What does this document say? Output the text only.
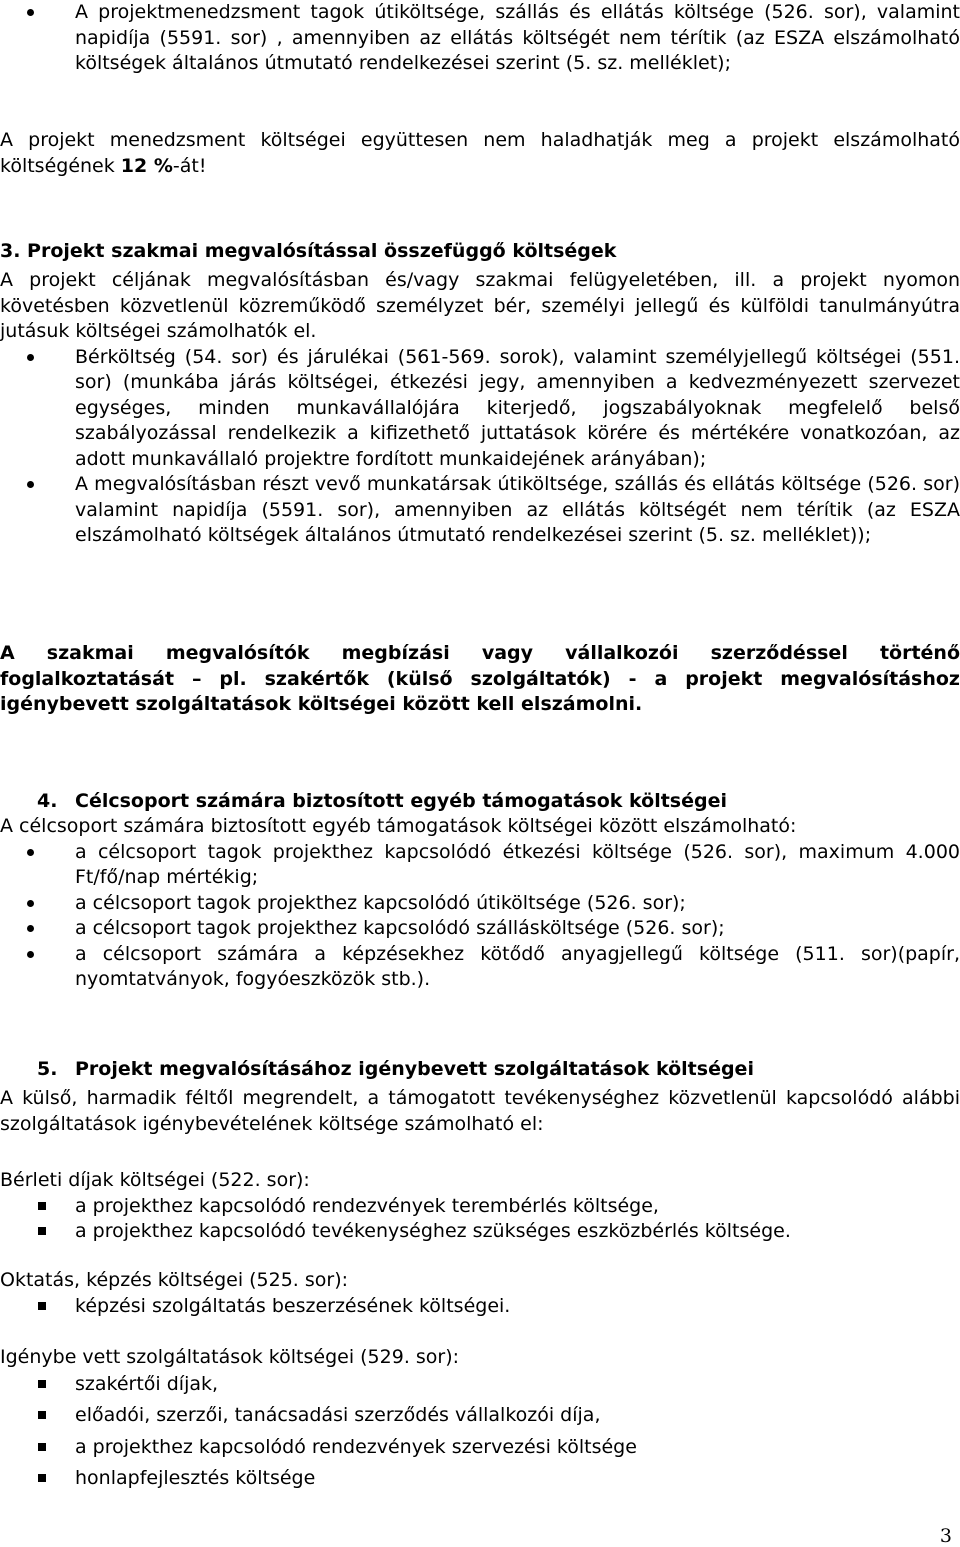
A projektmenedzsment tagok útiköltsége, szállás és ellátás költsége (526. sor), valamint napidíja (5591. sor) , amennyiben az ellátás költségét nem térítik (az ESZA elszámolható költségek általános útmutató rendelkezései szerint (5. sz. melléklet);

A projekt menedzsment költségei együttesen nem haladhatják meg a projekt elszámolható költségének 12 %-át!

3. Projekt szakmai megvalósítással összefüggő költségek

A projekt céljának megvalósításban és/vagy szakmai felügyeletében, ill. a projekt nyomon követésben közvetlenül közreműködő személyzet bér, személyi jellegű és külföldi tanulmányútra jutásuk költségei számolhatók el.

Bérköltség (54. sor) és járulékai (561-569. sorok), valamint személyjellegű költségei (551. sor) (munkába járás költségei, étkezési jegy, amennyiben a kedvezményezett szervezet egységes, minden munkavállalójára kiterjedő, jogszabályoknak megfelelő belső szabályozással rendelkezik a kifizethető juttatások körére és mértékére vonatkozóan, az adott munkavállaló projektre fordított munkaidejének arányában);

A megvalósításban részt vevő munkatársak útiköltsége, szállás és ellátás költsége (526. sor) valamint napidíja (5591. sor), amennyiben az ellátás költségét nem térítik (az ESZA elszámolható költségek általános útmutató rendelkezései szerint (5. sz. melléklet));

A szakmai megvalósítók megbízási vagy vállalkozói szerződéssel történő foglalkoztatását – pl. szakértők (külső szolgáltatók) - a projekt megvalósításhoz igénybevett szolgáltatások költségei között kell elszámolni.

4. Célcsoport számára biztosított egyéb támogatások költségei

A célcsoport számára biztosított egyéb támogatások költségei között elszámolható:

a célcsoport tagok projekthez kapcsolódó étkezési költsége (526. sor), maximum 4.000 Ft/fő/nap mértékig;

a célcsoport tagok projekthez kapcsolódó útiköltsége (526. sor);

a célcsoport tagok projekthez kapcsolódó szállásköltsége (526. sor);

a célcsoport számára a képzésekhez kötődő anyagjellegű költsége (511. sor)(papír, nyomtatványok, fogyóeszközök stb.).

5. Projekt megvalósításához igénybevett szolgáltatások költségei

A külső, harmadik féltől megrendelt, a támogatott tevékenységhez közvetlenül kapcsolódó alábbi szolgáltatások igénybevételének költsége számolható el:

Bérleti díjak költségei (522. sor):

a projekthez kapcsolódó rendezvények terembérlés költsége,

a projekthez kapcsolódó tevékenységhez szükséges eszközbérlés költsége.

Oktatás, képzés költségei (525. sor):

képzési szolgáltatás beszerzésének költségei.

Igénybe vett szolgáltatások költségei (529. sor):

szakértői díjak,

előadói, szerzői, tanácsadási szerződés vállalkozói díja,

a projekthez kapcsolódó rendezvények szervezési költsége

honlapfejlesztés költsége

3
